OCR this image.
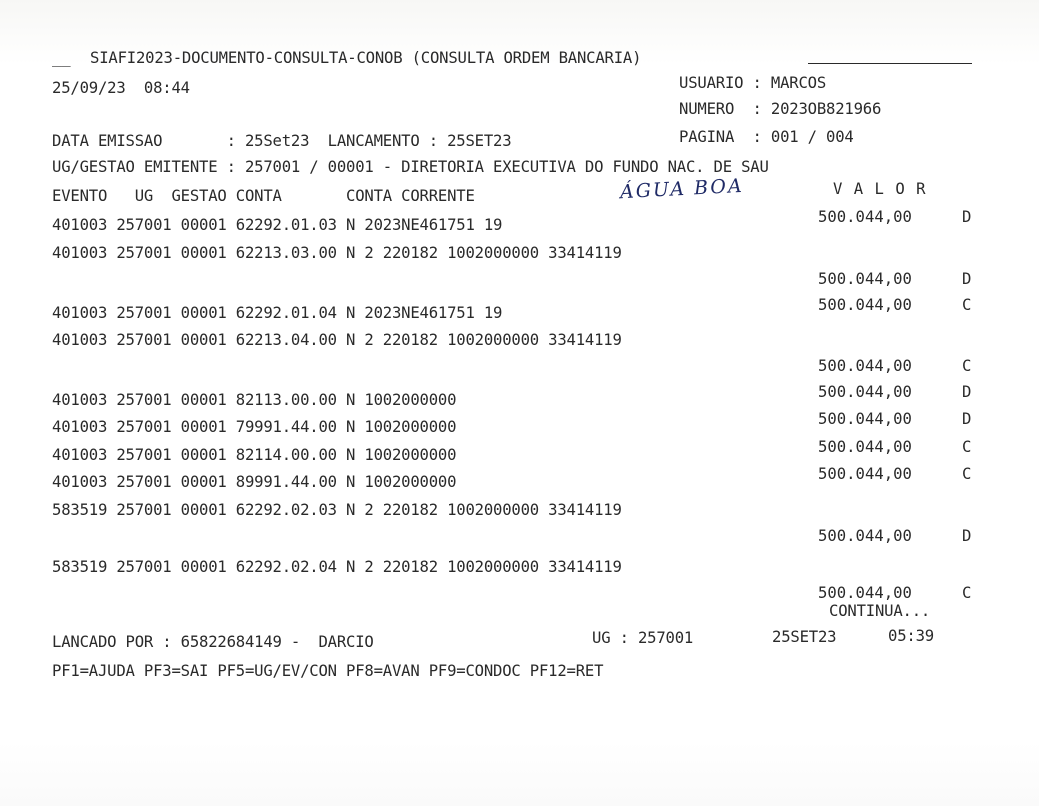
__ SIAFI2023-DOCUMENTO-CONSULTA-CONOB (CONSULTA ORDEM BANCARIA)
25/09/23  08:44	USUARIO : MARCOS
NUMERO  : 2023OB821966
DATA EMISSAO       : 25Set23  LANCAMENTO : 25SET23	PAGINA  : 001 / 004
UG/GESTAO EMITENTE : 257001 / 00001 - DIRETORIA EXECUTIVA DO FUNDO NAC. DE SAU
EVENTO   UG  GESTAO CONTA       CONTA CORRENTE	ÁGUA BOA	V A L O R
401003 257001 00001 62292.01.03 N 2023NE461751 19	500.044,00	D
401003 257001 00001 62213.03.00 N 2 220182 1002000000 33414119
500.044,00	D
401003 257001 00001 62292.01.04 N 2023NE461751 19	500.044,00	C
401003 257001 00001 62213.04.00 N 2 220182 1002000000 33414119
500.044,00	C
401003 257001 00001 82113.00.00 N 1002000000	500.044,00	D
401003 257001 00001 79991.44.00 N 1002000000	500.044,00	D
401003 257001 00001 82114.00.00 N 1002000000	500.044,00	C
401003 257001 00001 89991.44.00 N 1002000000	500.044,00	C
583519 257001 00001 62292.02.03 N 2 220182 1002000000 33414119
500.044,00	D
583519 257001 00001 62292.02.04 N 2 220182 1002000000 33414119
500.044,00	C
CONTINUA...
LANCADO POR : 65822684149 -  DARCIO	UG : 257001	25SET23	05:39
PF1=AJUDA PF3=SAI PF5=UG/EV/CON PF8=AVAN PF9=CONDOC PF12=RET
